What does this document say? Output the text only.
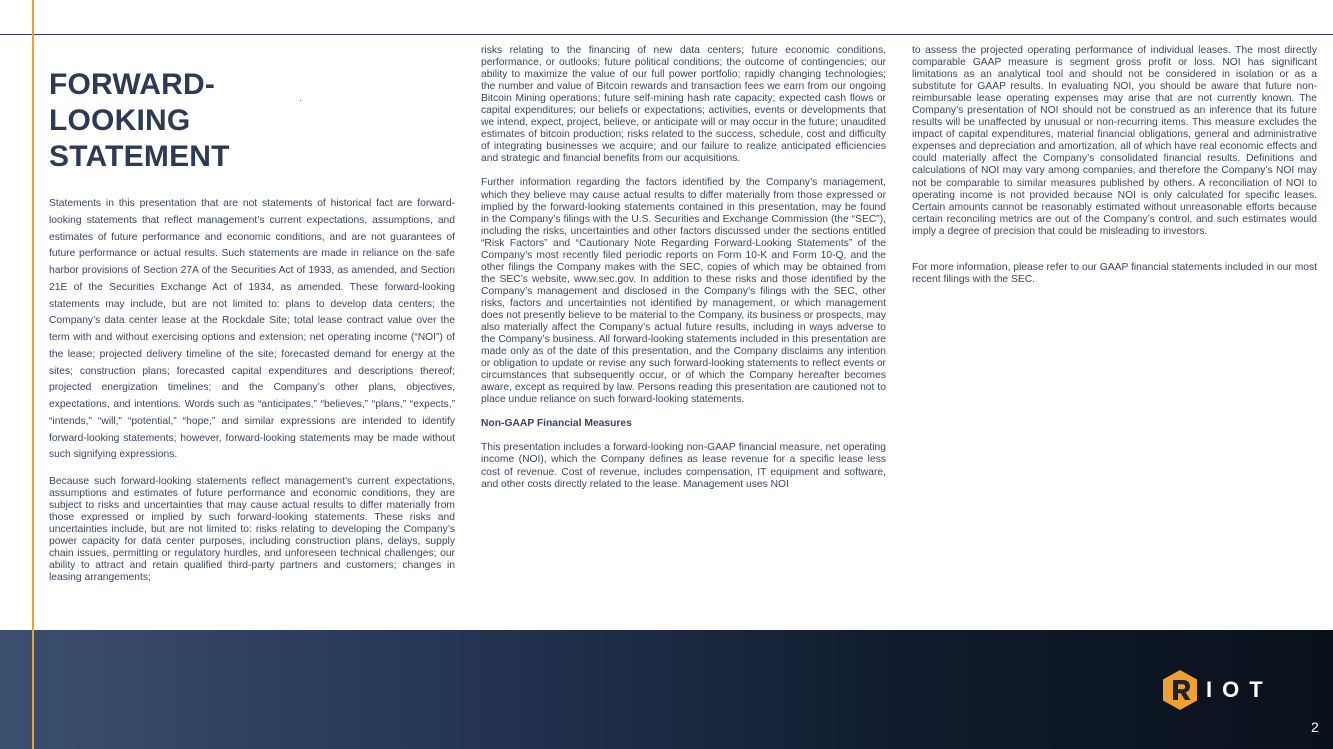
FORWARD-
LOOKING
STATEMENT

Statements in this presentation that are not statements of historical fact are forward-looking statements that reflect management’s current expectations, assumptions, and estimates of future performance and economic conditions, and are not guarantees of future performance or actual results. Such statements are made in reliance on the safe harbor provisions of Section 27A of the Securities Act of 1933, as amended, and Section 21E of the Securities Exchange Act of 1934, as amended. These forward-looking statements may include, but are not limited to: plans to develop data centers; the Company’s data center lease at the Rockdale Site; total lease contract value over the term with and without exercising options and extension; net operating income (“NOI”) of the lease; projected delivery timeline of the site; forecasted demand for energy at the sites; construction plans; forecasted capital expenditures and descriptions thereof; projected energization timelines; and the Company’s other plans, objectives, expectations, and intentions. Words such as “anticipates,” “believes,” “plans,” “expects,” “intends,” “will,” “potential,” “hope,” and similar expressions are intended to identify forward-looking statements; however, forward-looking statements may be made without such signifying expressions.

Because such forward-looking statements reflect management’s current expectations, assumptions and estimates of future performance and economic conditions, they are subject to risks and uncertainties that may cause actual results to differ materially from those expressed or implied by such forward-looking statements. These risks and uncertainties include, but are not limited to: risks relating to developing the Company’s power capacity for data center purposes, including construction plans, delays, supply chain issues, permitting or regulatory hurdles, and unforeseen technical challenges; our ability to attract and retain qualified third-party partners and customers; changes in leasing arrangements;

risks relating to the financing of new data centers; future economic conditions, performance, or outlooks; future political conditions; the outcome of contingencies; our ability to maximize the value of our full power portfolio; rapidly changing technologies; the number and value of Bitcoin rewards and transaction fees we earn from our ongoing Bitcoin Mining operations; future self-mining hash rate capacity; expected cash flows or capital expenditures; our beliefs or expectations; activities, events or developments that we intend, expect, project, believe, or anticipate will or may occur in the future; unaudited estimates of bitcoin production; risks related to the success, schedule, cost and difficulty of integrating businesses we acquire; and our failure to realize anticipated efficiencies and strategic and financial benefits from our acquisitions.

Further information regarding the factors identified by the Company’s management, which they believe may cause actual results to differ materially from those expressed or implied by the forward-looking statements contained in this presentation, may be found in the Company’s filings with the U.S. Securities and Exchange Commission (the “SEC”), including the risks, uncertainties and other factors discussed under the sections entitled “Risk Factors” and “Cautionary Note Regarding Forward-Looking Statements” of the Company’s most recently filed periodic reports on Form 10-K and Form 10-Q, and the other filings the Company makes with the SEC, copies of which may be obtained from the SEC’s website, www.sec.gov. In addition to these risks and those identified by the Company’s management and disclosed in the Company’s filings with the SEC, other risks, factors and uncertainties not identified by management, or which management does not presently believe to be material to the Company, its business or prospects, may also materially affect the Company’s actual future results, including in ways adverse to the Company’s business. All forward-looking statements included in this presentation are made only as of the date of this presentation, and the Company disclaims any intention or obligation to update or revise any such forward-looking statements to reflect events or circumstances that subsequently occur, or of which the Company hereafter becomes aware, except as required by law. Persons reading this presentation are cautioned not to place undue reliance on such forward-looking statements.

Non-GAAP Financial Measures

This presentation includes a forward-looking non-GAAP financial measure, net operating income (NOI), which the Company defines as lease revenue for a specific lease less cost of revenue. Cost of revenue, includes compensation, IT equipment and software, and other costs directly related to the lease. Management uses NOI

to assess the projected operating performance of individual leases. The most directly comparable GAAP measure is segment gross profit or loss. NOI has significant limitations as an analytical tool and should not be considered in isolation or as a substitute for GAAP results. In evaluating NOI, you should be aware that future non-reimbursable lease operating expenses may arise that are not currently known. The Company’s presentation of NOI should not be construed as an inference that its future results will be unaffected by unusual or non-recurring items. This measure excludes the impact of capital expenditures, material financial obligations, general and administrative expenses and depreciation and amortization, all of which have real economic effects and could materially affect the Company’s consolidated financial results. Definitions and calculations of NOI may vary among companies, and therefore the Company’s NOI may not be comparable to similar measures published by others. A reconciliation of NOI to operating income is not provided because NOI is only calculated for specific leases. Certain amounts cannot be reasonably estimated without unreasonable efforts because certain reconciling metrics are out of the Company’s control, and such estimates would imply a degree of precision that could be misleading to investors.

For more information, please refer to our GAAP financial statements included in our most recent filings with the SEC.

IOT
2
